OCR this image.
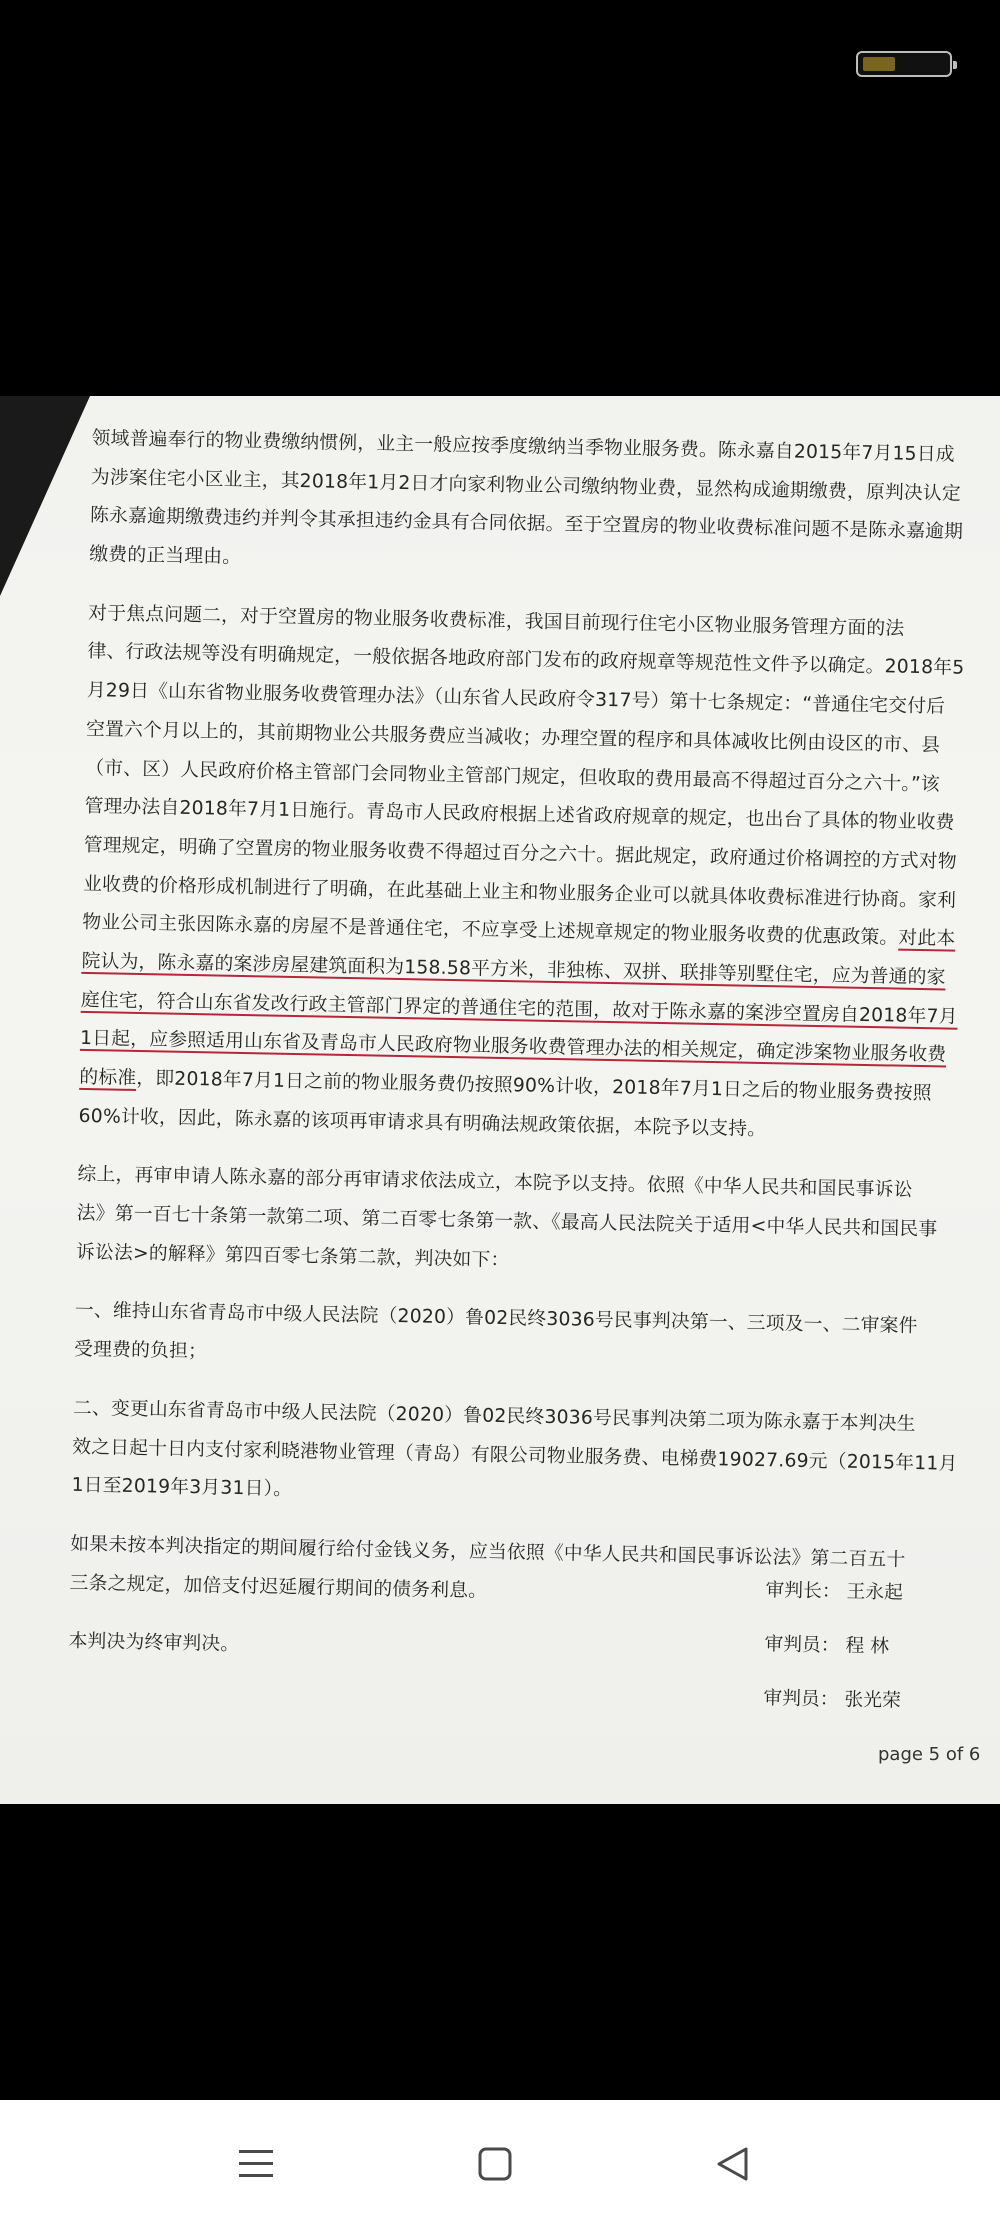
领域普遍奉行的物业费缴纳惯例，业主一般应按季度缴纳当季物业服务费。陈永嘉自2015年7月15日成
为涉案住宅小区业主，其2018年1月2日才向家利物业公司缴纳物业费，显然构成逾期缴费，原判决认定
陈永嘉逾期缴费违约并判令其承担违约金具有合同依据。至于空置房的物业收费标准问题不是陈永嘉逾期
缴费的正当理由。
对于焦点问题二，对于空置房的物业服务收费标准，我国目前现行住宅小区物业服务管理方面的法
律、行政法规等没有明确规定，一般依据各地政府部门发布的政府规章等规范性文件予以确定。2018年5
月29日《山东省物业服务收费管理办法》（山东省人民政府令317号）第十七条规定：“普通住宅交付后
空置六个月以上的，其前期物业公共服务费应当减收；办理空置的程序和具体减收比例由设区的市、县
（市、区）人民政府价格主管部门会同物业主管部门规定，但收取的费用最高不得超过百分之六十。”该
管理办法自2018年7月1日施行。青岛市人民政府根据上述省政府规章的规定，也出台了具体的物业收费
管理规定，明确了空置房的物业服务收费不得超过百分之六十。据此规定，政府通过价格调控的方式对物
业收费的价格形成机制进行了明确，在此基础上业主和物业服务企业可以就具体收费标准进行协商。家利
物业公司主张因陈永嘉的房屋不是普通住宅，不应享受上述规章规定的物业服务收费的优惠政策。对此本
院认为，陈永嘉的案涉房屋建筑面积为158.58平方米，非独栋、双拼、联排等别墅住宅，应为普通的家
庭住宅，符合山东省发改行政主管部门界定的普通住宅的范围，故对于陈永嘉的案涉空置房自2018年7月
1日起，应参照适用山东省及青岛市人民政府物业服务收费管理办法的相关规定，确定涉案物业服务收费
的标准，即2018年7月1日之前的物业服务费仍按照90%计收，2018年7月1日之后的物业服务费按照
60%计收，因此，陈永嘉的该项再审请求具有明确法规政策依据，本院予以支持。
综上，再审申请人陈永嘉的部分再审请求依法成立，本院予以支持。依照《中华人民共和国民事诉讼
法》第一百七十条第一款第二项、第二百零七条第一款、《最高人民法院关于适用<中华人民共和国民事
诉讼法>的解释》第四百零七条第二款，判决如下：
一、维持山东省青岛市中级人民法院（2020）鲁02民终3036号民事判决第一、三项及一、二审案件
受理费的负担；
二、变更山东省青岛市中级人民法院（2020）鲁02民终3036号民事判决第二项为陈永嘉于本判决生
效之日起十日内支付家利晓港物业管理（青岛）有限公司物业服务费、电梯费19027.69元（2015年11月
1日至2019年3月31日）。
如果未按本判决指定的期间履行给付金钱义务，应当依照《中华人民共和国民事诉讼法》第二百五十
三条之规定，加倍支付迟延履行期间的债务利息。
本判决为终审判决。
审判长： 王永起
审判员： 程 林
审判员： 张光荣
page 5 of 6
